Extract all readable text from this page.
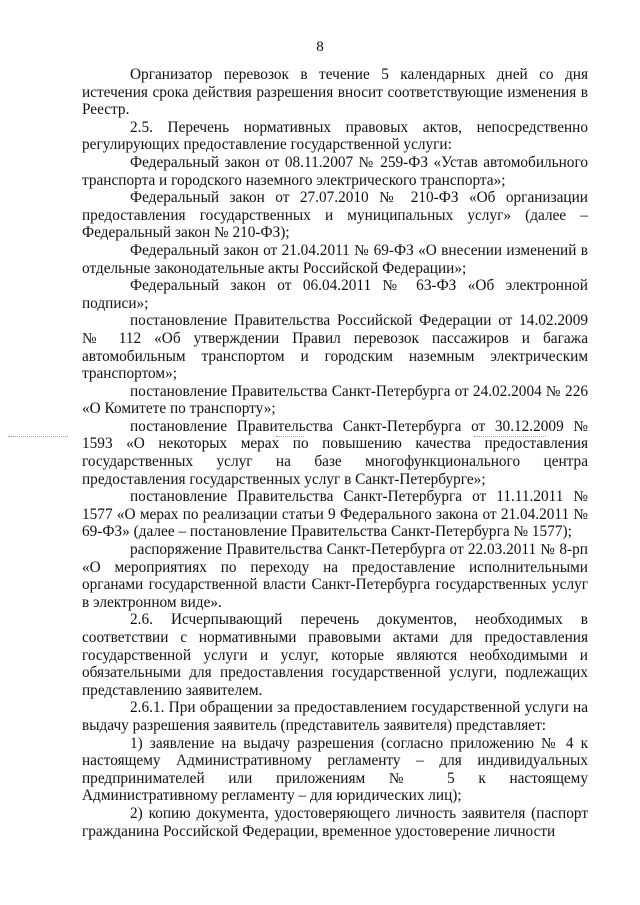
8

Организатор перевозок в течение 5 календарных дней со дня истечения срока действия разрешения вносит соответствующие изменения в Реестр.

2.5. Перечень нормативных правовых актов, непосредственно регулирующих предоставление государственной услуги:

Федеральный закон от 08.11.2007 № 259-ФЗ «Устав автомобильного транспорта и городского наземного электрического транспорта»;

Федеральный закон от 27.07.2010 № 210-ФЗ «Об организации предоставления государственных и муниципальных услуг» (далее – Федеральный закон № 210-ФЗ);

Федеральный закон от 21.04.2011 № 69-ФЗ «О внесении изменений в отдельные законодательные акты Российской Федерации»;

Федеральный закон от 06.04.2011 № 63-ФЗ «Об электронной подписи»;

постановление Правительства Российской Федерации от 14.02.2009 № 112 «Об утверждении Правил перевозок пассажиров и багажа автомобильным транспортом и городским наземным электрическим транспортом»;

постановление Правительства Санкт-Петербурга от 24.02.2004 № 226 «О Комитете по транспорту»;

постановление Правительства Санкт-Петербурга от 30.12.2009 № 1593 «О некоторых мерах по повышению качества предоставления государственных услуг на базе многофункционального центра предоставления государственных услуг в Санкт-Петербурге»;

постановление Правительства Санкт-Петербурга от 11.11.2011 № 1577 «О мерах по реализации статьи 9 Федерального закона от 21.04.2011 № 69-ФЗ» (далее – постановление Правительства Санкт-Петербурга № 1577);

распоряжение Правительства Санкт-Петербурга от 22.03.2011 № 8-рп «О мероприятиях по переходу на предоставление исполнительными органами государственной власти Санкт-Петербурга государственных услуг в электронном виде».

2.6. Исчерпывающий перечень документов, необходимых в соответствии с нормативными правовыми актами для предоставления государственной услуги и услуг, которые являются необходимыми и обязательными для предоставления государственной услуги, подлежащих представлению заявителем.

2.6.1. При обращении за предоставлением государственной услуги на выдачу разрешения заявитель (представитель заявителя) представляет:

1) заявление на выдачу разрешения (согласно приложению № 4 к настоящему Административному регламенту – для индивидуальных предпринимателей или приложениям № 5 к настоящему Административному регламенту – для юридических лиц);

2) копию документа, удостоверяющего личность заявителя (паспорт гражданина Российской Федерации, временное удостоверение личности
